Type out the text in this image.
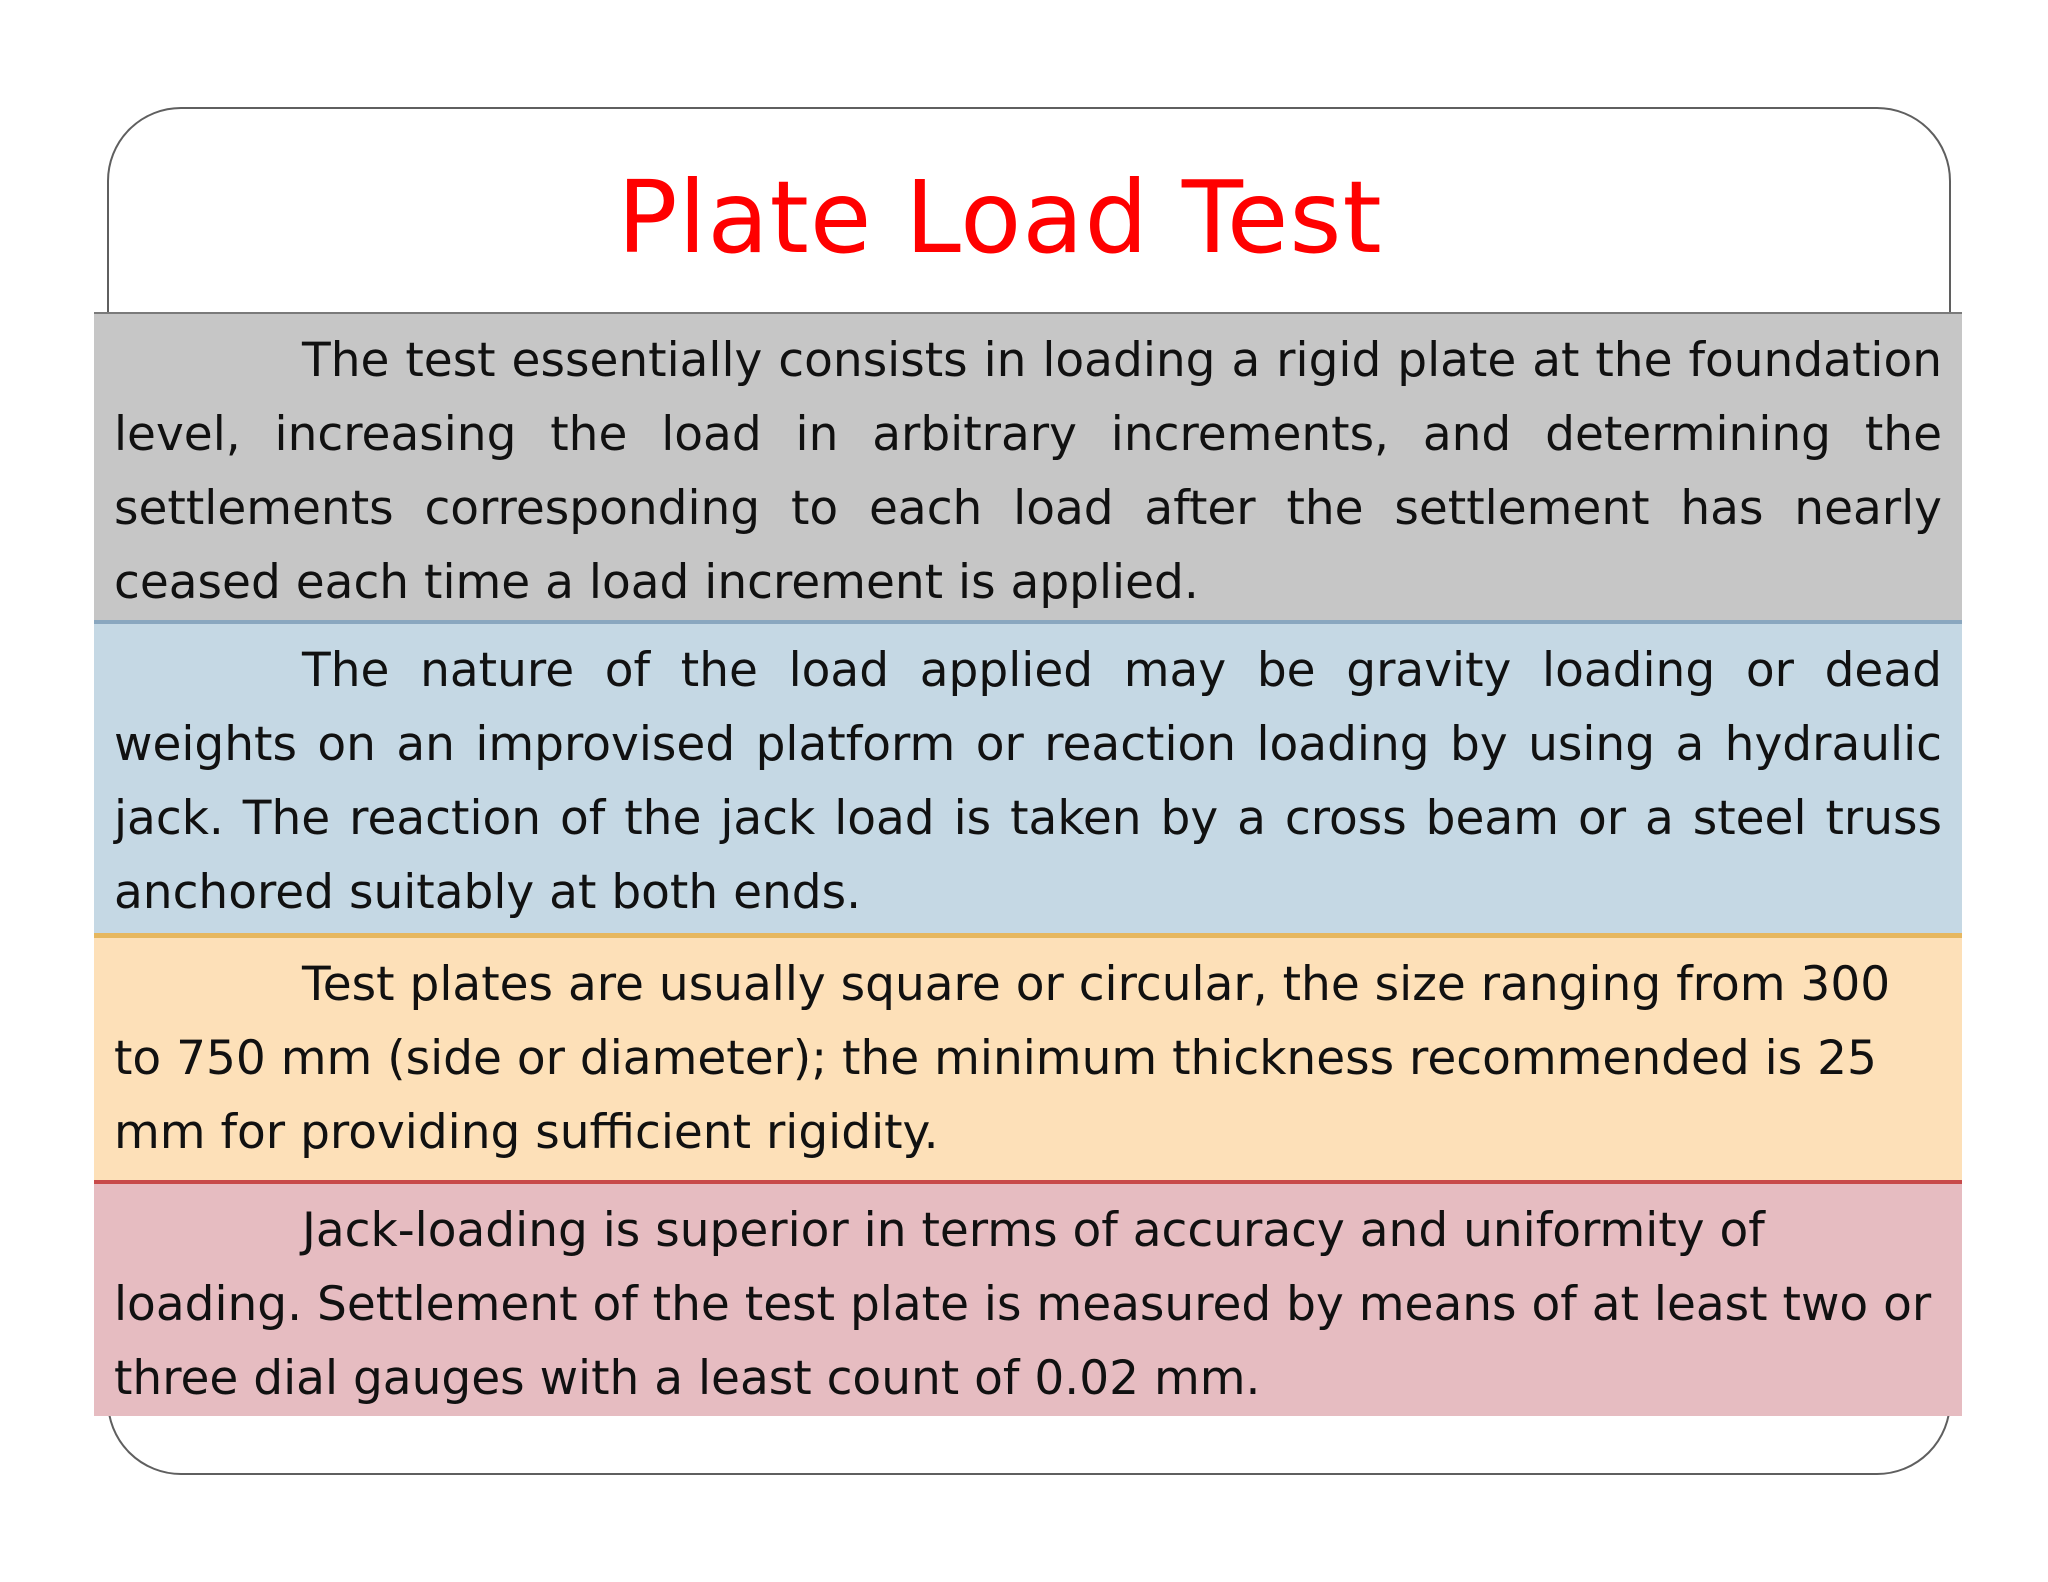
Plate Load Test
The test essentially consists in loading a rigid plate at the foundation level, increasing the load in arbitrary increments, and determining the settlements corresponding to each load after the settlement has nearly ceased each time a load increment is applied.
The nature of the load applied may be gravity loading or dead weights on an improvised platform or reaction loading by using a hydraulic jack. The reaction of the jack load is taken by a cross beam or a steel truss anchored suitably at both ends.
Test plates are usually square or circular, the size ranging from 300 to 750 mm (side or diameter); the minimum thickness recommended is 25 mm for providing sufficient rigidity.
Jack-loading is superior in terms of accuracy and uniformity of loading. Settlement of the test plate is measured by means of at least two or three dial gauges with a least count of 0.02 mm.
